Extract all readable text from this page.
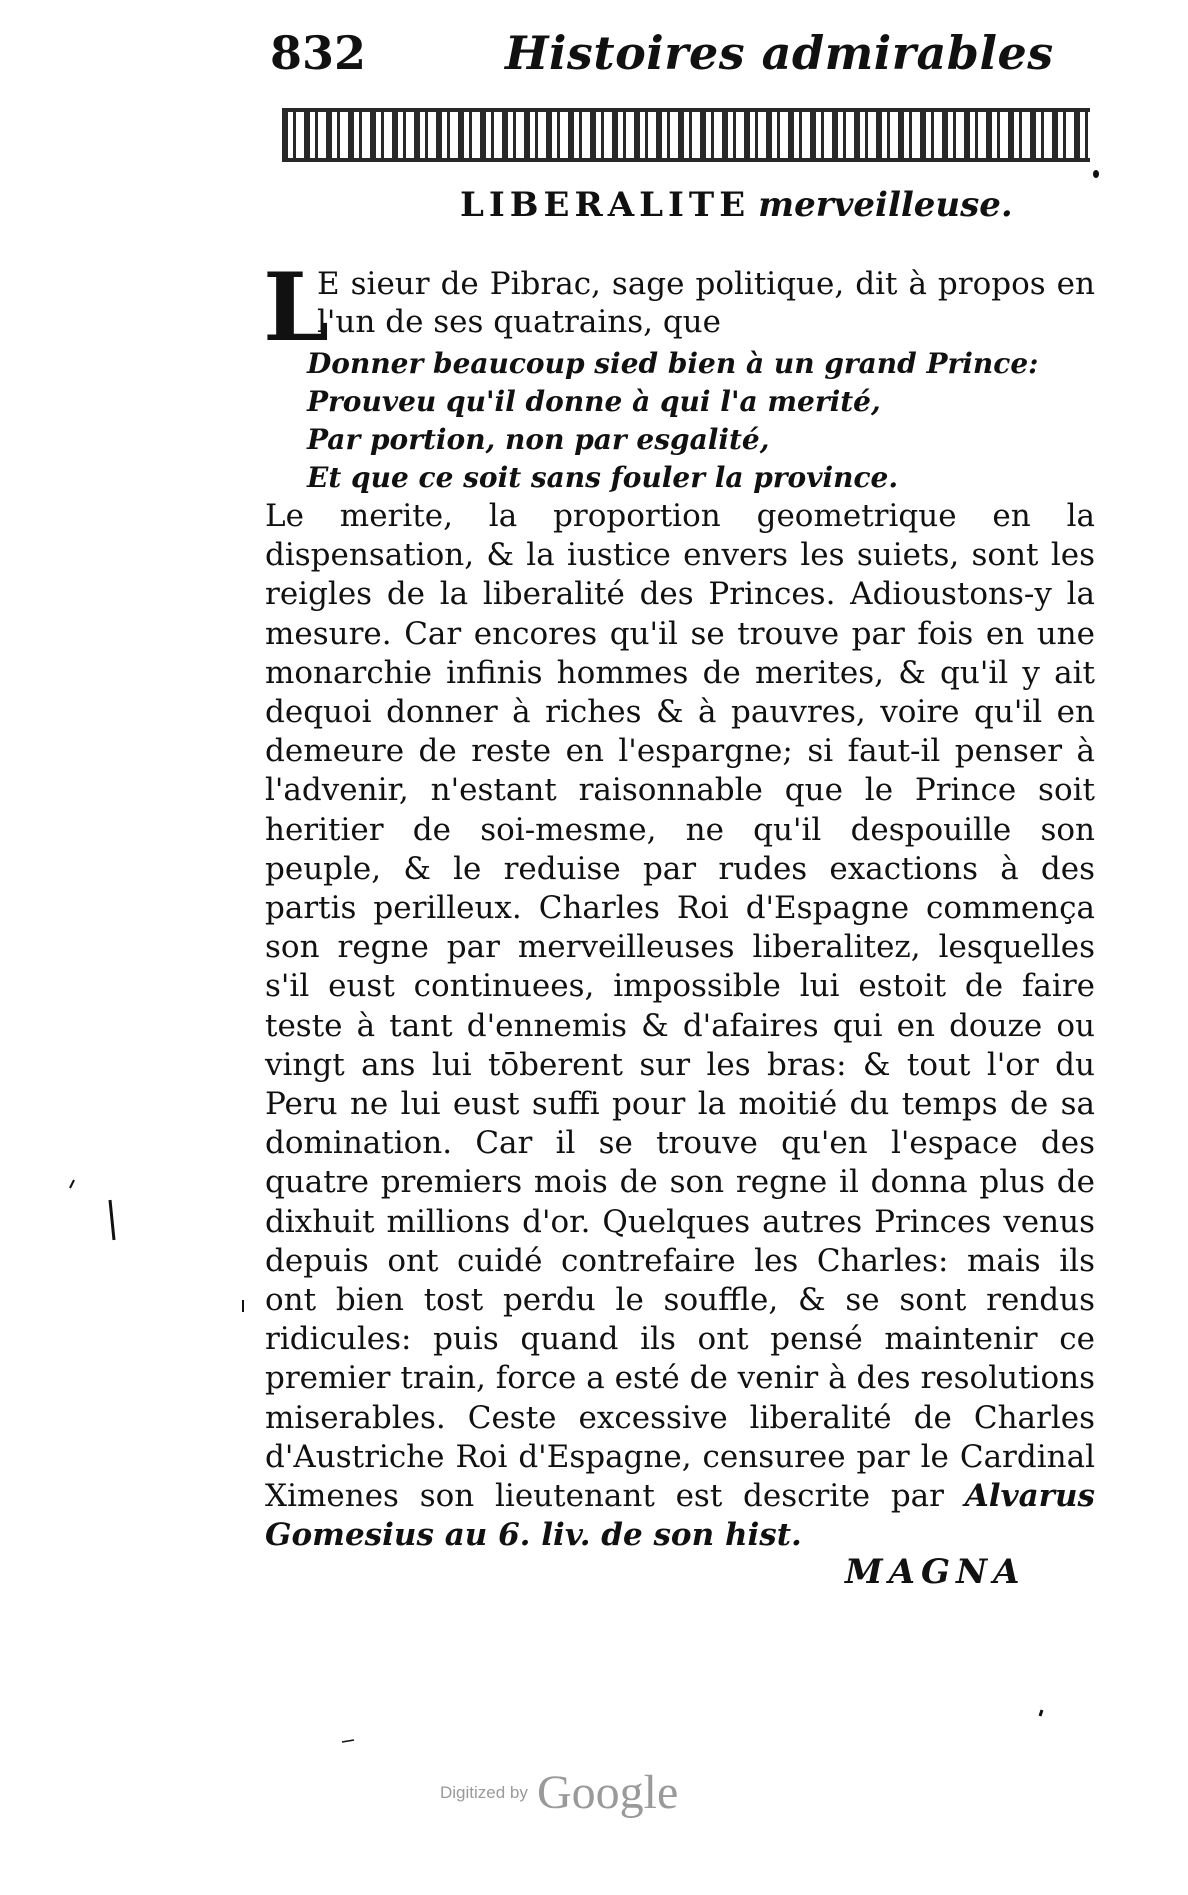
832	Histoires admirables
LIBERALITE merveilleuse.
L
E sieur de Pibrac, sage politique, dit à propos en l'un de ses quatrains, que
Donner beaucoup sied bien à un grand Prince:
Prouveu qu'il donne à qui l'a merité,
Par portion, non par esgalité,
Et que ce soit sans fouler la province.
Le merite, la proportion geometrique en la dispensation, & la iustice envers les suiets, sont les reigles de la liberalité des Princes. Adioustons-y la mesure. Car encores qu'il se trouve par fois en une monarchie infinis hommes de merites, & qu'il y ait dequoi donner à riches & à pauvres, voire qu'il en demeure de reste en l'espargne; si faut-il penser à l'advenir, n'estant raisonnable que le Prince soit heritier de soi-mesme, ne qu'il despouille son peuple, & le reduise par rudes exactions à des partis perilleux. Charles Roi d'Espagne commença son regne par merveilleuses liberalitez, lesquelles s'il eust continuees, impossible lui estoit de faire teste à tant d'ennemis & d'afaires qui en douze ou vingt ans lui tōberent sur les bras: & tout l'or du Peru ne lui eust suffi pour la moitié du temps de sa domination. Car il se trouve qu'en l'espace des quatre premiers mois de son regne il donna plus de dixhuit millions d'or. Quelques autres Princes venus depuis ont cuidé contrefaire les Charles: mais ils ont bien tost perdu le souffle, & se sont rendus ridicules: puis quand ils ont pensé maintenir ce premier train, force a esté de venir à des resolutions miserables. Ceste excessive liberalité de Charles d'Austriche Roi d'Espagne, censuree par le Cardinal Ximenes son lieutenant est descrite par Alvarus Gomesius au 6. liv. de son hist.
MAGNA
Digitized by Google
